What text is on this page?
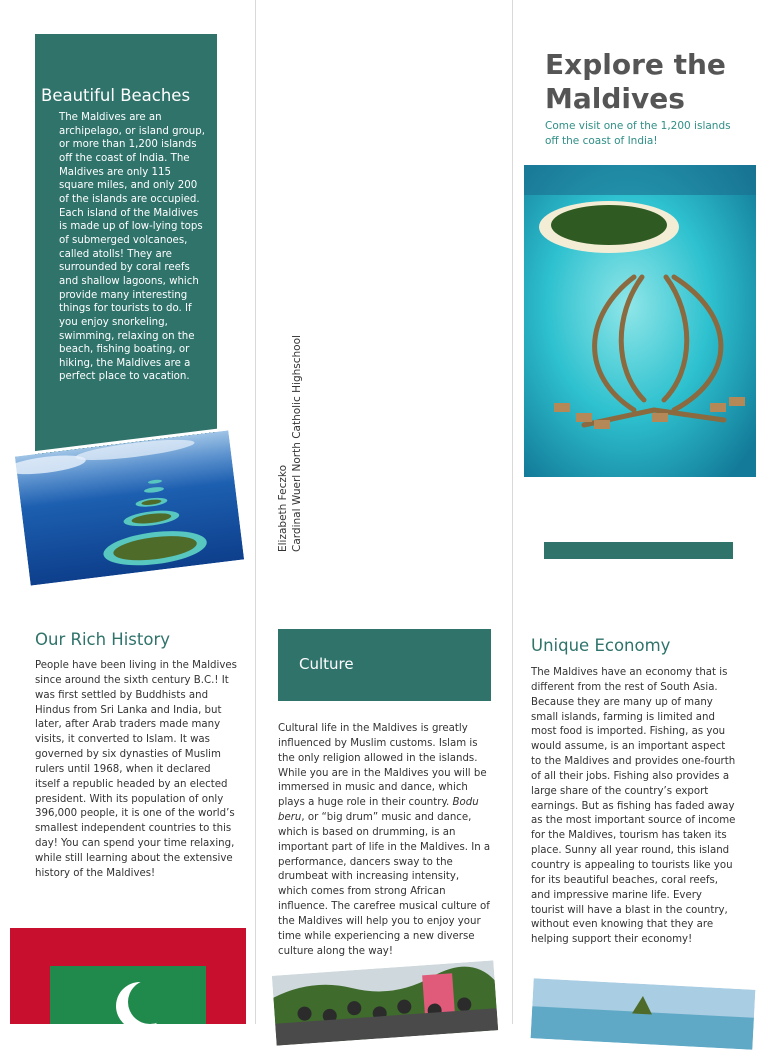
Beautiful Beaches
The Maldives are an archipelago, or island group, or more than 1,200 islands off the coast of India. The Maldives are only 115 square miles, and only 200 of the islands are occupied. Each island of the Maldives is made up of low-lying tops of submerged volcanoes, called atolls! They are surrounded by coral reefs and shallow lagoons, which provide many interesting things for tourists to do. If you enjoy snorkeling, swimming, relaxing on the beach, fishing boating, or hiking, the Maldives are a perfect place to vacation.
Elizabeth Feczko Cardinal Wuerl North Catholic Highschool
Explore the Maldives
Come visit one of the 1,200 islands off the coast of India!
Our Rich History
People have been living in the Maldives since around the sixth century B.C.! It was first settled by Buddhists and Hindus from Sri Lanka and India, but later, after Arab traders made many visits, it converted to Islam. It was governed by six dynasties of Muslim rulers until 1968, when it declared itself a republic headed by an elected president. With its population of only 396,000 people, it is one of the world’s smallest independent countries to this day! You can spend your time relaxing, while still learning about the extensive history of the Maldives!
Culture
Cultural life in the Maldives is greatly influenced by Muslim customs. Islam is the only religion allowed in the islands. While you are in the Maldives you will be immersed in music and dance, which plays a huge role in their country. Bodu beru, or “big drum” music and dance, which is based on drumming, is an important part of life in the Maldives. In a performance, dancers sway to the drumbeat with increasing intensity, which comes from strong African influence. The carefree musical culture of the Maldives will help you to enjoy your time while experiencing a new diverse culture along the way!
Unique Economy
The Maldives have an economy that is different from the rest of South Asia. Because they are many up of many small islands, farming is limited and most food is imported. Fishing, as you would assume, is an important aspect to the Maldives and provides one-fourth of all their jobs. Fishing also provides a large share of the country’s export earnings. But as fishing has faded away as the most important source of income for the Maldives, tourism has taken its place. Sunny all year round, this island country is appealing to tourists like you for its beautiful beaches, coral reefs, and impressive marine life. Every tourist will have a blast in the country, without even knowing that they are helping support their economy!
